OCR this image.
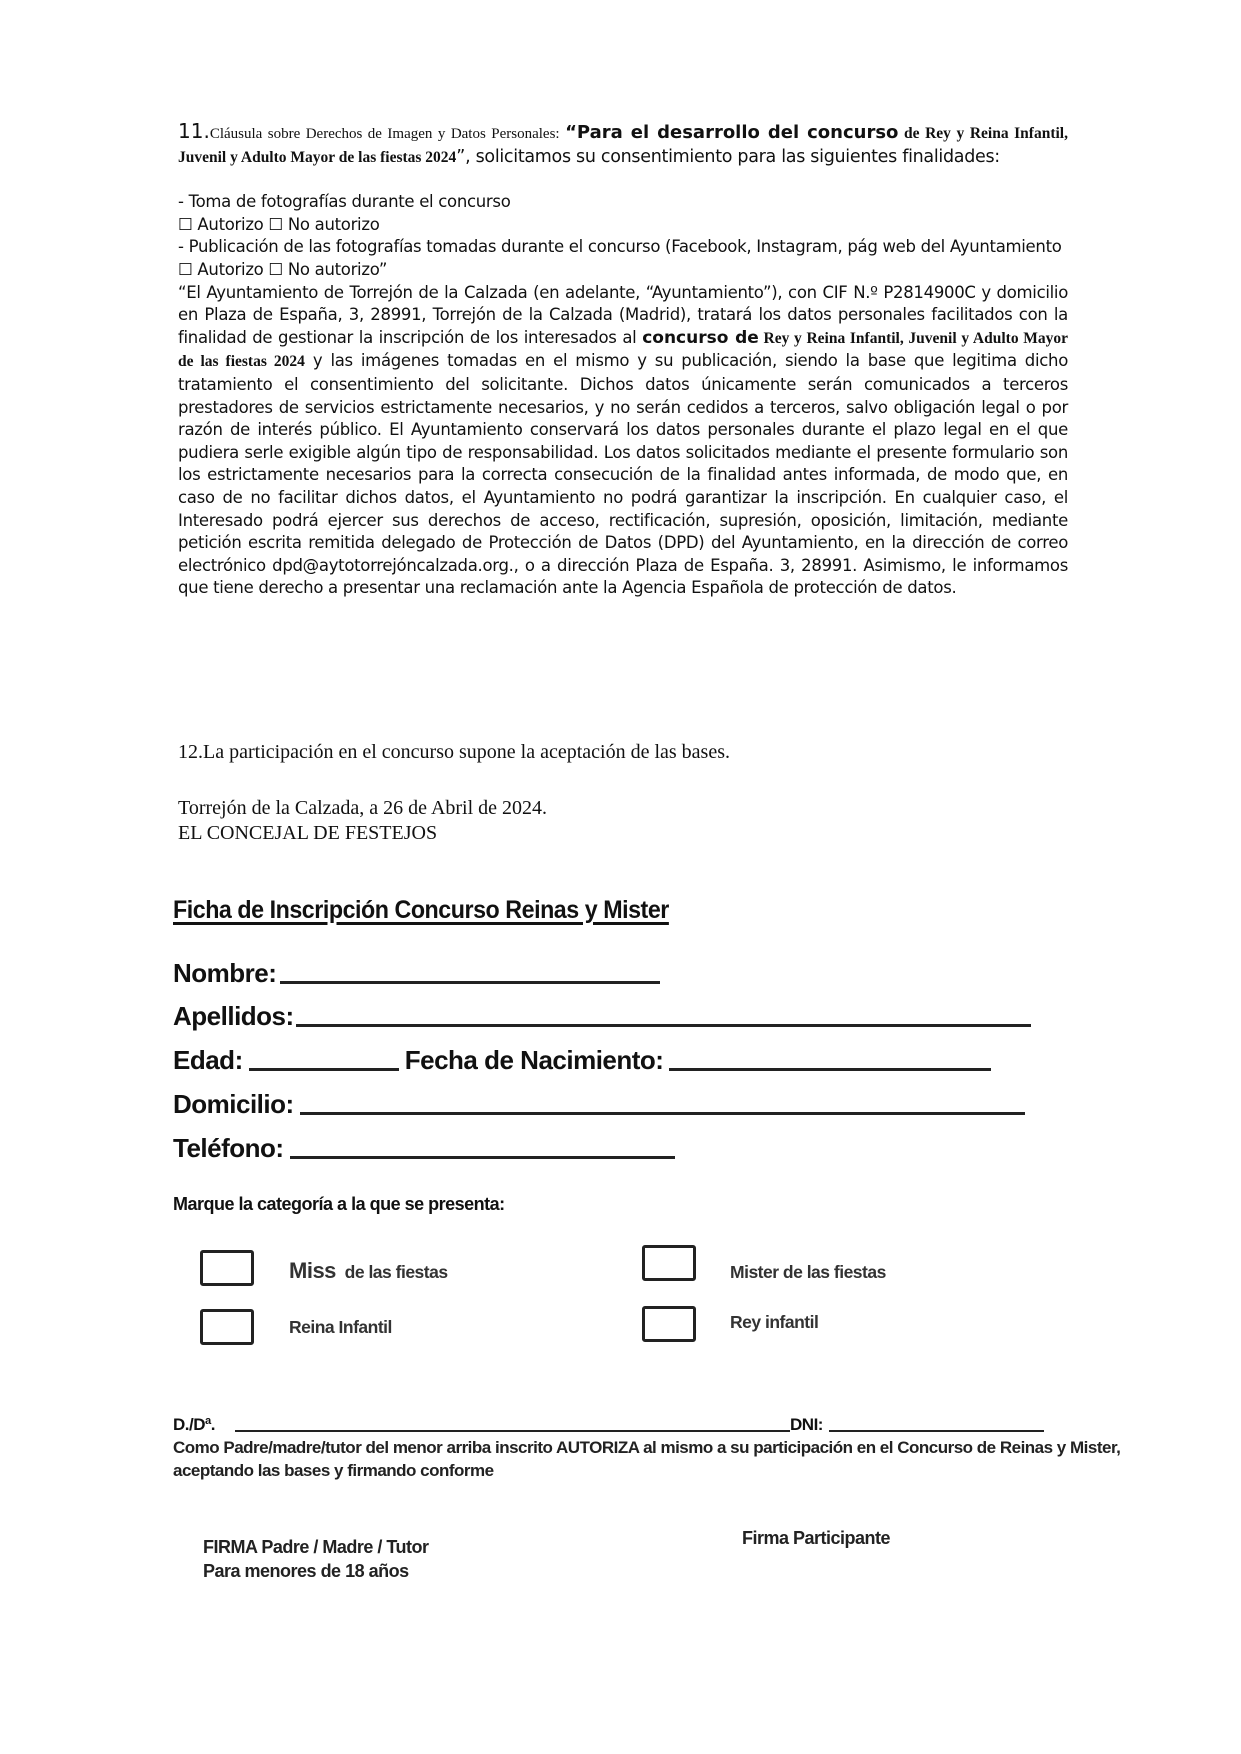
11.Cláusula sobre Derechos de Imagen y Datos Personales: “Para el desarrollo del concurso de Rey y Reina Infantil, Juvenil y Adulto Mayor de las fiestas 2024”, solicitamos su consentimiento para las siguientes finalidades:

- Toma de fotografías durante el concurso

☐ Autorizo ☐ No autorizo

- Publicación de las fotografías tomadas durante el concurso (Facebook, Instagram, pág web del Ayuntamiento

☐ Autorizo ☐ No autorizo”

“El Ayuntamiento de Torrejón de la Calzada (en adelante, “Ayuntamiento”), con CIF N.º P2814900C y domicilio en Plaza de España, 3, 28991, Torrejón de la Calzada (Madrid), tratará los datos personales facilitados con la finalidad de gestionar la inscripción de los interesados al concurso de Rey y Reina Infantil, Juvenil y Adulto Mayor de las fiestas 2024 y las imágenes tomadas en el mismo y su publicación, siendo la base que legitima dicho tratamiento el consentimiento del solicitante. Dichos datos únicamente serán comunicados a terceros prestadores de servicios estrictamente necesarios, y no serán cedidos a terceros, salvo obligación legal o por razón de interés público. El Ayuntamiento conservará los datos personales durante el plazo legal en el que pudiera serle exigible algún tipo de responsabilidad. Los datos solicitados mediante el presente formulario son los estrictamente necesarios para la correcta consecución de la finalidad antes informada, de modo que, en caso de no facilitar dichos datos, el Ayuntamiento no podrá garantizar la inscripción. En cualquier caso, el Interesado podrá ejercer sus derechos de acceso, rectificación, supresión, oposición, limitación, mediante petición escrita remitida delegado de Protección de Datos (DPD) del Ayuntamiento, en la dirección de correo electrónico dpd@aytotorrejóncalzada.org., o a dirección Plaza de España. 3, 28991. Asimismo, le informamos que tiene derecho a presentar una reclamación ante la Agencia Española de protección de datos.

12.La participación en el concurso supone la aceptación de las bases.
Torrejón de la Calzada, a 26 de Abril de 2024.
EL CONCEJAL DE FESTEJOS
Ficha de Inscripción Concurso Reinas y Mister
Nombre:
Apellidos:
Edad:	Fecha de Nacimiento:
Domicilio:
Teléfono:
Marque la categoría a la que se presenta:
Miss de las fiestas	Mister de las fiestas
Reina Infantil	Rey infantil
D./Dª.	DNI:
Como Padre/madre/tutor del menor arriba inscrito AUTORIZA al mismo a su participación en el Concurso de Reinas y Mister, aceptando las bases y firmando conforme
FIRMA Padre / Madre / Tutor
Para menores de 18 años
Firma Participante
